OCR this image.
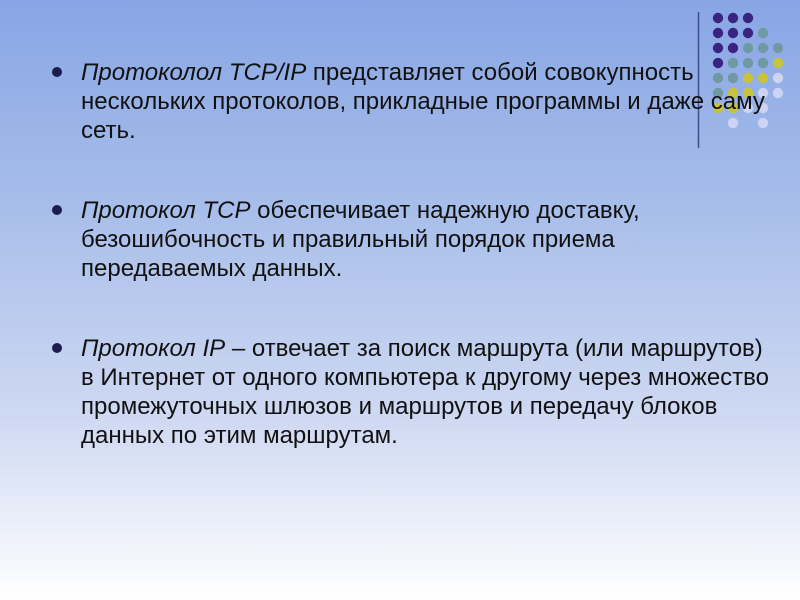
Протоколол TCP/IP представляет собой совокупность нескольких протоколов, прикладные программы и даже саму сеть.
Протокол TCP обеспечивает надежную доставку, безошибочность и правильный порядок приема передаваемых данных.
Протокол IP – отвечает за поиск маршрута (или маршрутов) в Интернет от одного компьютера к другому через множество промежуточных шлюзов и маршрутов и передачу блоков данных по этим маршрутам.
